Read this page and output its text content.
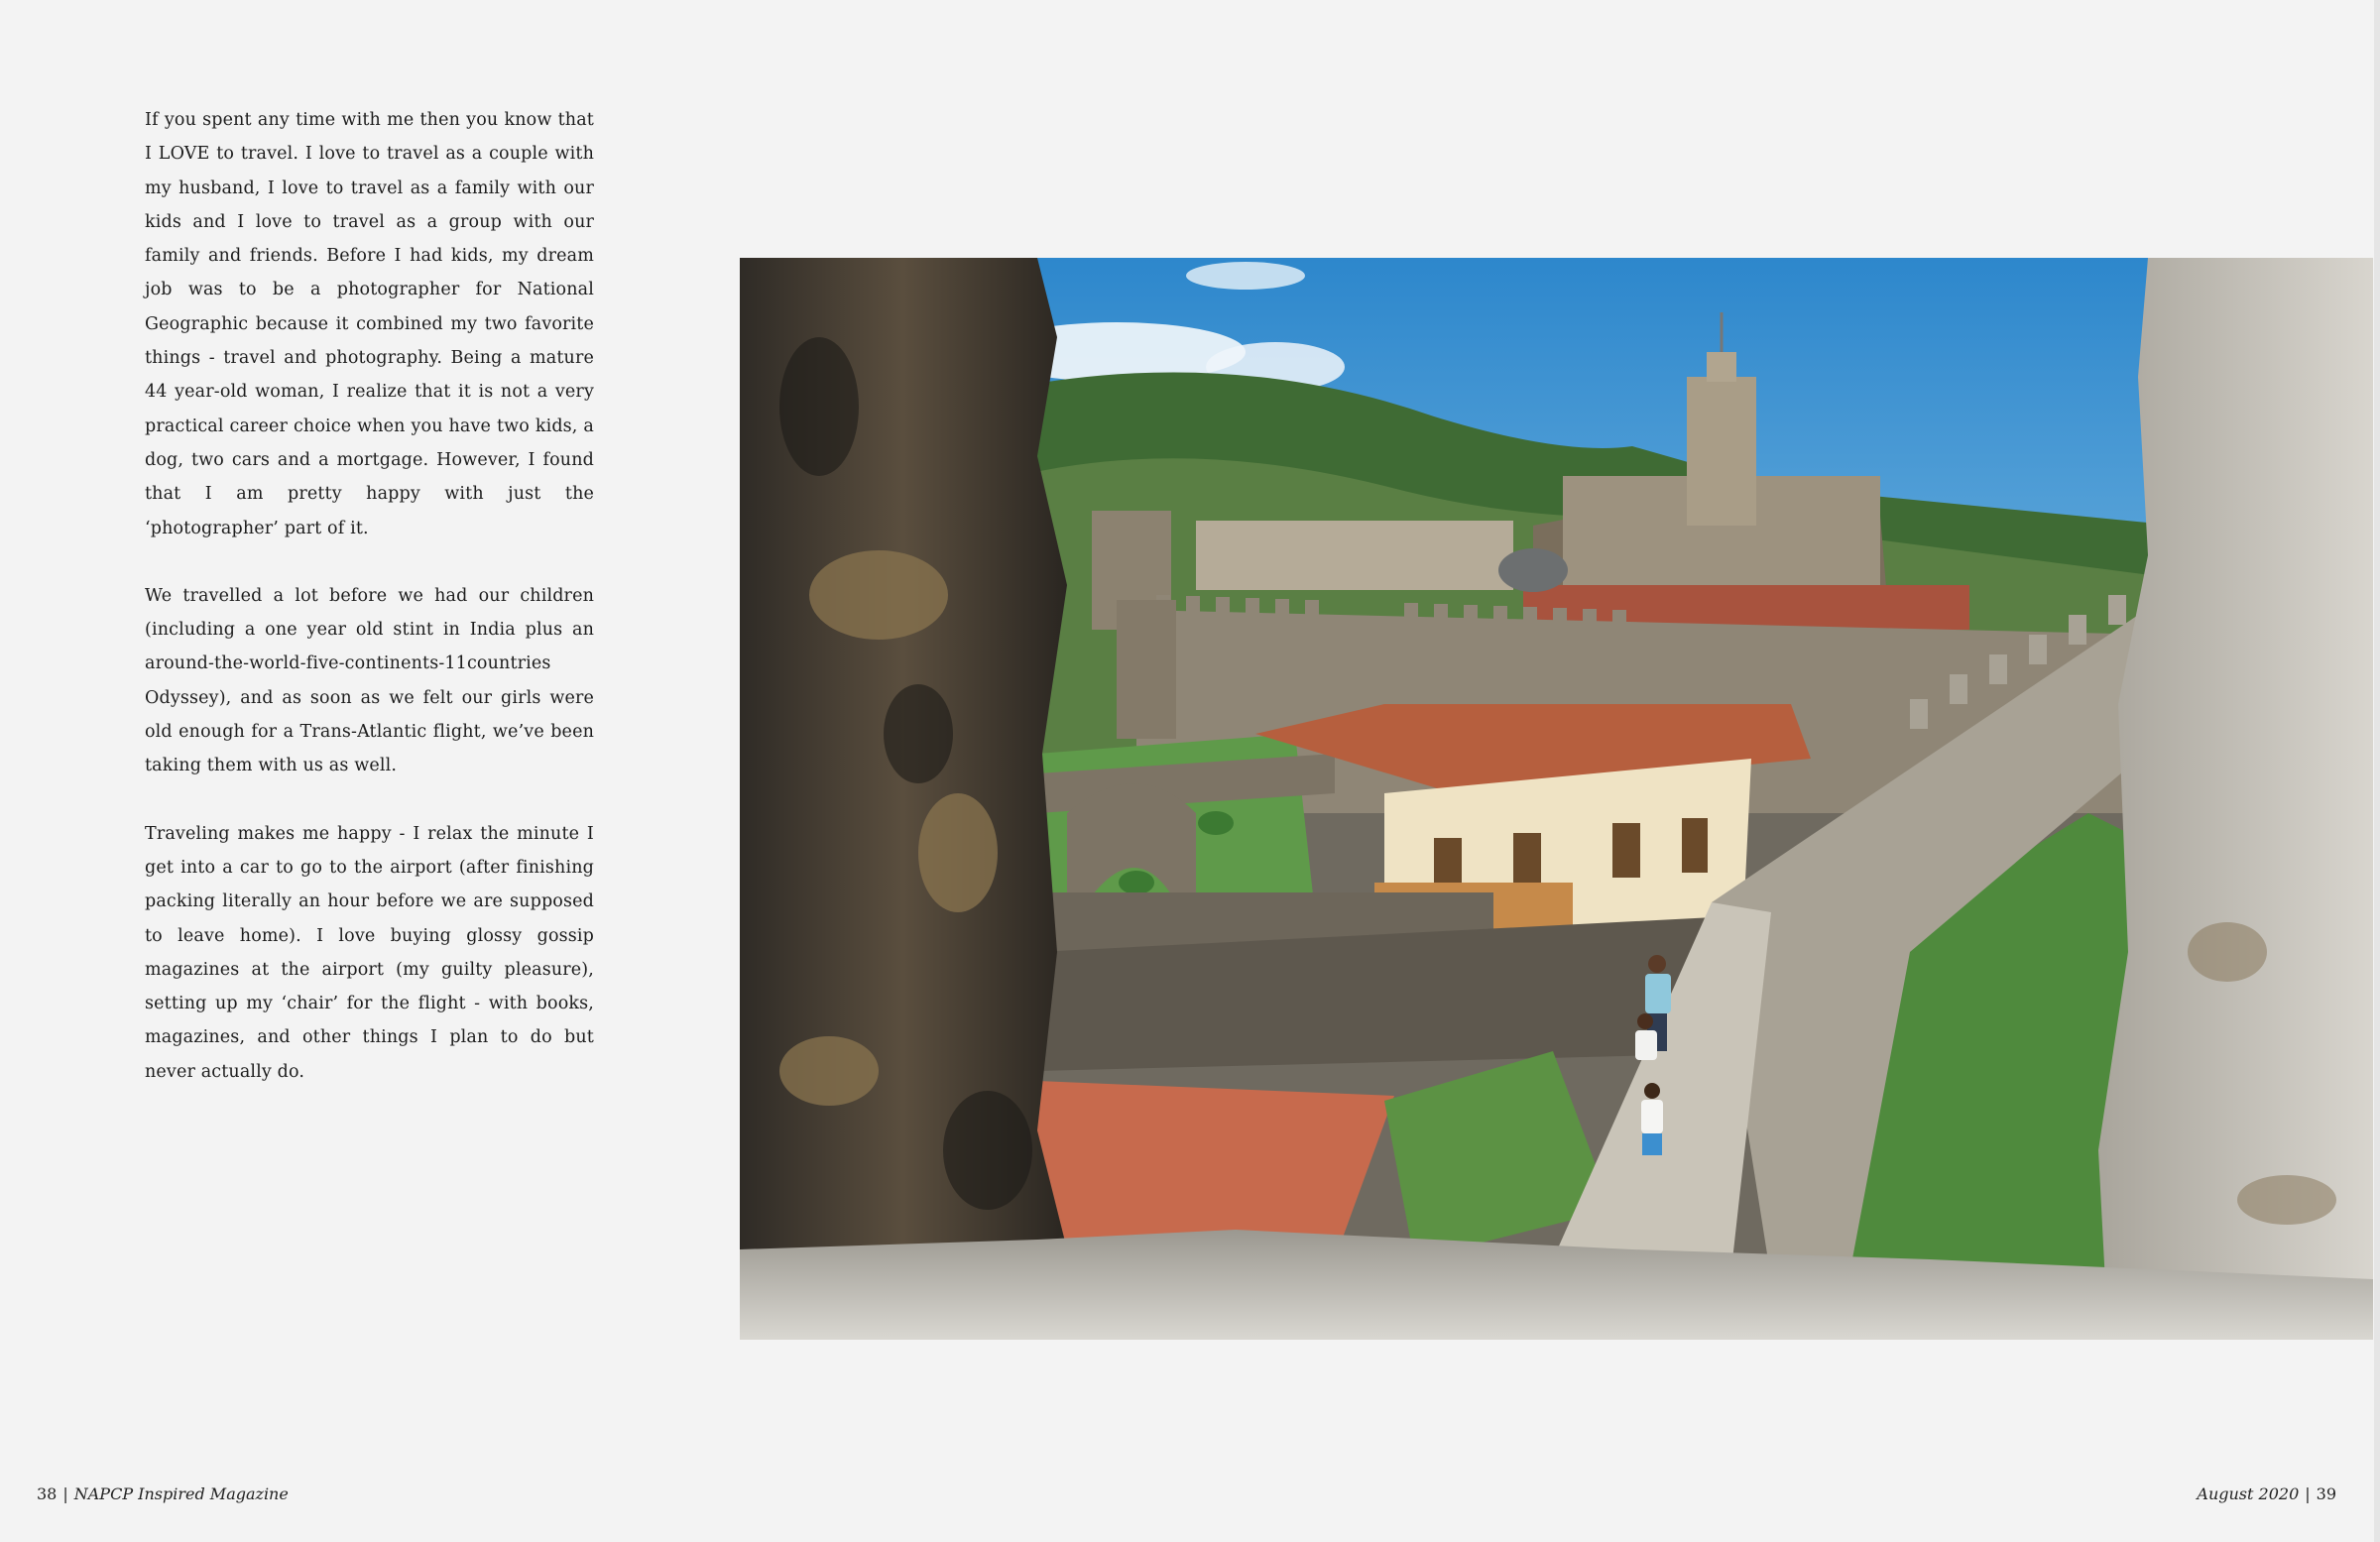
If you spent any time with me then you know that I LOVE to travel. I love to travel as a couple with my husband, I love to travel as a family with our kids and I love to travel as a group with our family and friends. Before I had kids, my dream job was to be a photographer for National Geographic because it combined my two favorite things - travel and photography. Being a mature 44 year-old woman, I realize that it is not a very practical career choice when you have two kids, a dog, two cars and a mortgage. However, I found that I am pretty happy with just the ‘photographer’ part of it.

We travelled a lot before we had our children (including a one year old stint in India plus an around-the-world-five-continents-11countries Odyssey), and as soon as we felt our girls were old enough for a Trans-Atlantic flight, we’ve been taking them with us as well.

Traveling makes me happy - I relax the minute I get into a car to go to the airport (after finishing packing literally an hour before we are supposed to leave home). I love buying glossy gossip magazines at the airport (my guilty pleasure), setting up my ‘chair’ for the flight - with books, magazines, and other things I plan to do but never actually do.

38 | NAPCP Inspired Magazine	August 2020 | 39
